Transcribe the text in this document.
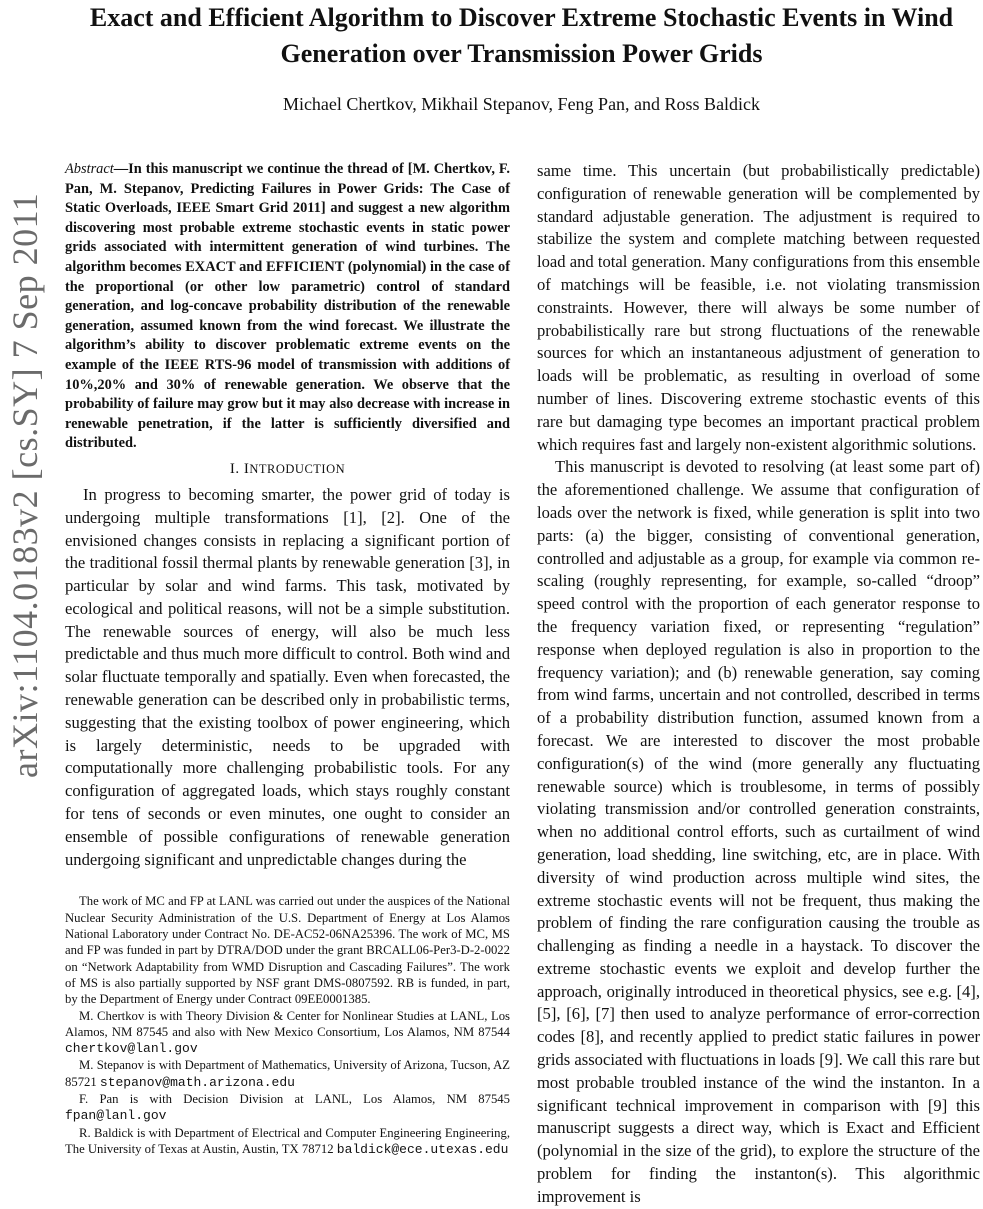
Exact and Efficient Algorithm to Discover Extreme Stochastic Events in Wind Generation over Transmission Power Grids

Michael Chertkov, Mikhail Stepanov, Feng Pan, and Ross Baldick

arXiv:1104.0183v2 [cs.SY] 7 Sep 2011

Abstract—In this manuscript we continue the thread of [M. Chertkov, F. Pan, M. Stepanov, Predicting Failures in Power Grids: The Case of Static Overloads, IEEE Smart Grid 2011] and suggest a new algorithm discovering most probable extreme stochastic events in static power grids associated with intermittent generation of wind turbines. The algorithm becomes EXACT and EFFICIENT (polynomial) in the case of the proportional (or other low parametric) control of standard generation, and log-concave probability distribution of the renewable generation, assumed known from the wind forecast. We illustrate the algorithm’s ability to discover problematic extreme events on the example of the IEEE RTS-96 model of transmission with additions of 10%,20% and 30% of renewable generation. We observe that the probability of failure may grow but it may also decrease with increase in renewable penetration, if the latter is sufficiently diversified and distributed.

I. INTRODUCTION

In progress to becoming smarter, the power grid of today is undergoing multiple transformations [1], [2]. One of the envisioned changes consists in replacing a significant portion of the traditional fossil thermal plants by renewable generation [3], in particular by solar and wind farms. This task, motivated by ecological and political reasons, will not be a simple substitution. The renewable sources of energy, will also be much less predictable and thus much more difficult to control. Both wind and solar fluctuate temporally and spatially. Even when forecasted, the renewable generation can be described only in probabilistic terms, suggesting that the existing toolbox of power engineering, which is largely deterministic, needs to be upgraded with computationally more challenging probabilistic tools. For any configuration of aggregated loads, which stays roughly constant for tens of seconds or even minutes, one ought to consider an ensemble of possible configurations of renewable generation undergoing significant and unpredictable changes during the

The work of MC and FP at LANL was carried out under the auspices of the National Nuclear Security Administration of the U.S. Department of Energy at Los Alamos National Laboratory under Contract No. DE-AC52-06NA25396. The work of MC, MS and FP was funded in part by DTRA/DOD under the grant BRCALL06-Per3-D-2-0022 on “Network Adaptability from WMD Disruption and Cascading Failures”. The work of MS is also partially supported by NSF grant DMS-0807592. RB is funded, in part, by the Department of Energy under Contract 09EE0001385.

M. Chertkov is with Theory Division & Center for Nonlinear Studies at LANL, Los Alamos, NM 87545 and also with New Mexico Consortium, Los Alamos, NM 87544 chertkov@lanl.gov

M. Stepanov is with Department of Mathematics, University of Arizona, Tucson, AZ 85721 stepanov@math.arizona.edu

F. Pan is with Decision Division at LANL, Los Alamos, NM 87545 fpan@lanl.gov

R. Baldick is with Department of Electrical and Computer Engineering Engineering, The University of Texas at Austin, Austin, TX 78712 baldick@ece.utexas.edu

same time. This uncertain (but probabilistically predictable) configuration of renewable generation will be complemented by standard adjustable generation. The adjustment is required to stabilize the system and complete matching between requested load and total generation. Many configurations from this ensemble of matchings will be feasible, i.e. not violating transmission constraints. However, there will always be some number of probabilistically rare but strong fluctuations of the renewable sources for which an instantaneous adjustment of generation to loads will be problematic, as resulting in overload of some number of lines. Discovering extreme stochastic events of this rare but damaging type becomes an important practical problem which requires fast and largely non-existent algorithmic solutions.

This manuscript is devoted to resolving (at least some part of) the aforementioned challenge. We assume that configuration of loads over the network is fixed, while generation is split into two parts: (a) the bigger, consisting of conventional generation, controlled and adjustable as a group, for example via common re-scaling (roughly representing, for example, so-called “droop” speed control with the proportion of each generator response to the frequency variation fixed, or representing “regulation” response when deployed regulation is also in proportion to the frequency variation); and (b) renewable generation, say coming from wind farms, uncertain and not controlled, described in terms of a probability distribution function, assumed known from a forecast. We are interested to discover the most probable configuration(s) of the wind (more generally any fluctuating renewable source) which is troublesome, in terms of possibly violating transmission and/or controlled generation constraints, when no additional control efforts, such as curtailment of wind generation, load shedding, line switching, etc, are in place. With diversity of wind production across multiple wind sites, the extreme stochastic events will not be frequent, thus making the problem of finding the rare configuration causing the trouble as challenging as finding a needle in a haystack. To discover the extreme stochastic events we exploit and develop further the approach, originally introduced in theoretical physics, see e.g. [4], [5], [6], [7] then used to analyze performance of error-correction codes [8], and recently applied to predict static failures in power grids associated with fluctuations in loads [9]. We call this rare but most probable troubled instance of the wind the instanton. In a significant technical improvement in comparison with [9] this manuscript suggests a direct way, which is Exact and Efficient (polynomial in the size of the grid), to explore the structure of the problem for finding the instanton(s). This algorithmic improvement is
